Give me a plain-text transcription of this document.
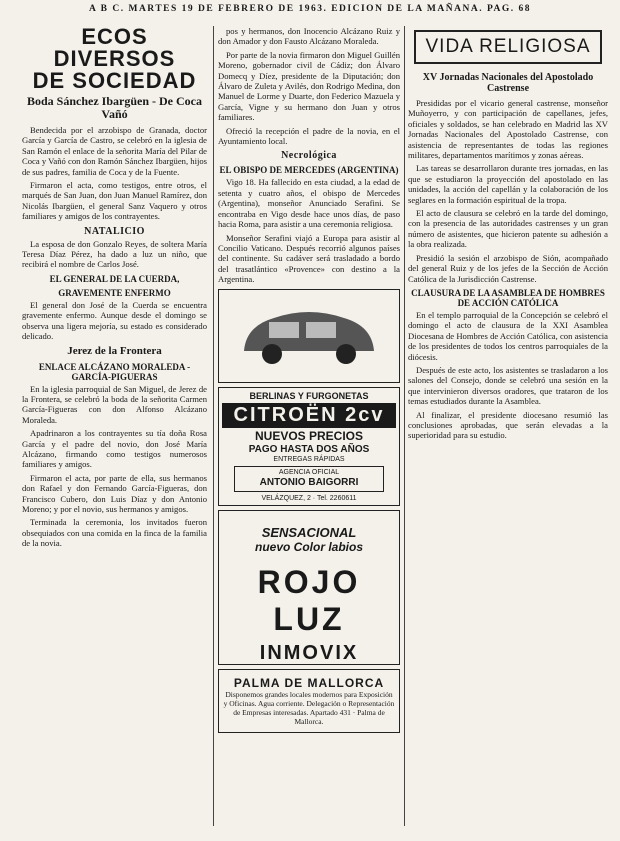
A B C. MARTES 19 DE FEBRERO DE 1963. EDICION DE LA MAÑANA. PAG. 68
ECOS DIVERSOS
DE SOCIEDAD
Boda Sánchez Ibargüen - De Coca Vañó

Bendecida por el arzobispo de Granada, doctor García y García de Castro, se celebró en la iglesia de San Ramón el enlace de la señorita María del Pilar de Coca y Vañó con don Ramón Sánchez Ibargüen, hijos de sus padres, familia de Coca y de la Fuente.

Firmaron el acta, como testigos, entre otros, el marqués de San Juan, don Juan Manuel Ramírez, don Nicolás Ibargüen, el general Sanz Vaquero y otros familiares y amigos de los contrayentes.

NATALICIO

La esposa de don Gonzalo Reyes, de soltera María Teresa Díaz Pérez, ha dado a luz un niño, que recibirá el nombre de Carlos José.

EL GENERAL DE LA CUERDA,
GRAVEMENTE ENFERMO

El general don José de la Cuerda se encuentra gravemente enfermo. Aunque desde el domingo se observa una ligera mejoría, su estado es considerado delicado.

Jerez de la Frontera
ENLACE ALCÁZANO MORALEDA - GARCÍA-PIGUERAS

En la iglesia parroquial de San Miguel, de Jerez de la Frontera, se celebró la boda de la señorita Carmen García-Figueras con don Alfonso Alcázano Moraleda.

Apadrinaron a los contrayentes su tía doña Rosa García y el padre del novio, don José María Alcázano, firmando como testigos numerosos familiares y amigos.

Firmaron el acta, por parte de ella, sus hermanos don Rafael y don Fernando García-Figueras, don Francisco Cubero, don Luis Díaz y don Antonio Moreno; y por el novio, sus hermanos y amigos.

Terminada la ceremonia, los invitados fueron obsequiados con una comida en la finca de la familia de la novia.

pos y hermanos, don Inocencio Alcázano Ruiz y don Amador y don Fausto Alcázano Moraleda.

Por parte de la novia firmaron don Miguel Guillén Moreno, gobernador civil de Cádiz; don Álvaro Domecq y Díez, presidente de la Diputación; don Álvaro de Zuleta y Avilés, don Rodrigo Medina, don Manuel de Lorme y Duarte, don Federico Mazuela y García, Vigne y su hermano don Juan y otros familiares.

Ofreció la recepción el padre de la novia, en el Ayuntamiento local.

Necrológica
EL OBISPO DE MERCEDES (ARGENTINA)

Vigo 18. Ha fallecido en esta ciudad, a la edad de setenta y cuatro años, el obispo de Mercedes (Argentina), monseñor Anunciado Serafini. Se encontraba en Vigo desde hace unos días, de paso hacia Roma, para asistir a una ceremonia religiosa.

Monseñor Serafini viajó a Europa para asistir al Concilio Vaticano. Después recorrió algunos países del continente. Su cadáver será trasladado a bordo del trasatlántico «Provence» con destino a la Argentina.

BERLINAS Y FURGONETAS
CITROËN 2cv
NUEVOS PRECIOS
PAGO HASTA DOS AÑOS
ENTREGAS RÁPIDAS
AGENCIA OFICIAL
ANTONIO BAIGORRI
VELÁZQUEZ, 2 · Tel. 2260611
SENSACIONAL
nuevo Color labios
ROJO LUZ
INMOVIX
PALMA DE MALLORCA
Disponemos grandes locales modernos para Exposición y Oficinas. Agua corriente. Delegación o Representación de Empresas interesadas. Apartado 431 · Palma de Mallorca.
VIDA RELIGIOSA
XV Jornadas Nacionales del Apostolado Castrense

Presididas por el vicario general castrense, monseñor Muñoyerro, y con participación de capellanes, jefes, oficiales y soldados, se han celebrado en Madrid las XV Jornadas Nacionales del Apostolado Castrense, con asistencia de representantes de todas las regiones militares, departamentos marítimos y zonas aéreas.

Las tareas se desarrollaron durante tres jornadas, en las que se estudiaron la proyección del apostolado en las unidades, la acción del capellán y la colaboración de los seglares en la formación espiritual de la tropa.

El acto de clausura se celebró en la tarde del domingo, con la presencia de las autoridades castrenses y un gran número de asistentes, que hicieron patente su adhesión a la obra realizada.

Presidió la sesión el arzobispo de Sión, acompañado del general Ruiz y de los jefes de la Sección de Acción Católica de la Jurisdicción Castrense.

CLAUSURA DE LA ASAMBLEA DE HOMBRES DE ACCIÓN CATÓLICA

En el templo parroquial de la Concepción se celebró el domingo el acto de clausura de la XXI Asamblea Diocesana de Hombres de Acción Católica, con asistencia de los presidentes de todos los centros parroquiales de la diócesis.

Después de este acto, los asistentes se trasladaron a los salones del Consejo, donde se celebró una sesión en la que intervinieron diversos oradores, que trataron de los temas estudiados durante la Asamblea.

Al finalizar, el presidente diocesano resumió las conclusiones aprobadas, que serán elevadas a la superioridad para su estudio.
